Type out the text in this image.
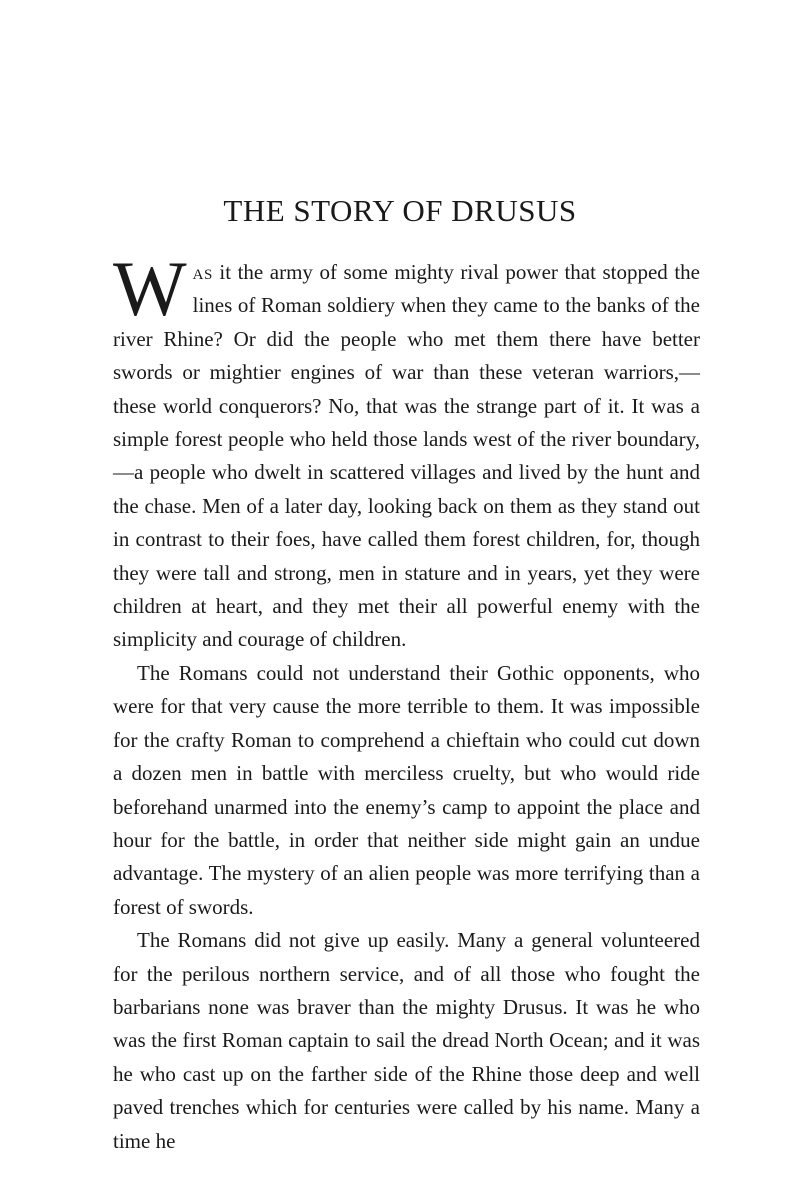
THE STORY OF DRUSUS

Was it the army of some mighty rival power that stopped the lines of Roman soldiery when they came to the banks of the river Rhine? Or did the people who met them there have better swords or mightier engines of war than these veteran warriors,—these world conquerors? No, that was the strange part of it. It was a simple forest people who held those lands west of the river boundary,—a people who dwelt in scattered villages and lived by the hunt and the chase. Men of a later day, looking back on them as they stand out in contrast to their foes, have called them forest children, for, though they were tall and strong, men in stature and in years, yet they were children at heart, and they met their all powerful enemy with the simplicity and courage of children.

The Romans could not understand their Gothic opponents, who were for that very cause the more terrible to them. It was impossible for the crafty Roman to comprehend a chieftain who could cut down a dozen men in battle with merciless cruelty, but who would ride beforehand unarmed into the enemy’s camp to appoint the place and hour for the battle, in order that neither side might gain an undue advantage. The mystery of an alien people was more terrifying than a forest of swords.

The Romans did not give up easily. Many a general volunteered for the perilous northern service, and of all those who fought the barbarians none was braver than the mighty Drusus. It was he who was the first Roman captain to sail the dread North Ocean; and it was he who cast up on the farther side of the Rhine those deep and well paved trenches which for centuries were called by his name. Many a time he
